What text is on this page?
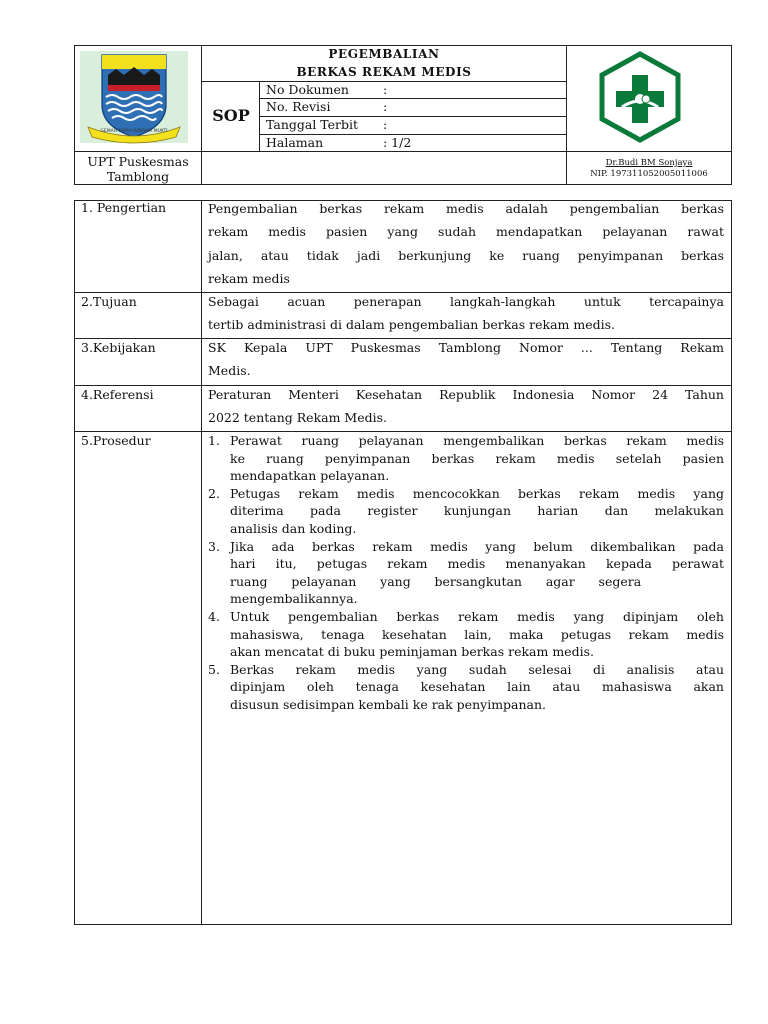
GEMAH RIPAH WIBAWA MUKTI
PEGEMBALIAN
BERKAS REKAM MEDIS
SOP
No Dokumen	:
No. Revisi	:
Tanggal Terbit :
Halaman	: 1/2
UPT Puskesmas
Tamblong
Dr.Budi BM Sonjaya
NIP. 197311052005011006
1. Pengertian	Pengembalian berkas rekam medis adalah pengembalian berkas
rekam medis pasien yang sudah mendapatkan pelayanan rawat
jalan, atau tidak jadi berkunjung ke ruang penyimpanan berkas
rekam medis
2.Tujuan	Sebagai acuan penerapan langkah-langkah untuk tercapainya
tertib administrasi di dalam pengembalian berkas rekam medis.
3.Kebijakan	SK Kepala UPT Puskesmas Tamblong Nomor ... Tentang Rekam
Medis.
4.Referensi	Peraturan Menteri Kesehatan Republik Indonesia Nomor 24 Tahun
2022 tentang Rekam Medis.
5.Prosedur	1. Perawat ruang pelayanan mengembalikan berkas rekam medis
ke ruang penyimpanan berkas rekam medis setelah pasien
mendapatkan pelayanan.
2. Petugas rekam medis mencocokkan berkas rekam medis yang
diterima pada register kunjungan harian dan melakukan
analisis dan koding.
3. Jika ada berkas rekam medis yang belum dikembalikan pada
hari itu, petugas rekam medis menanyakan kepada perawat
ruang      pelayanan      yang      bersangkutan      agar      segera
mengembalikannya.
4. Untuk pengembalian berkas rekam medis yang dipinjam oleh
mahasiswa, tenaga kesehatan lain, maka petugas rekam medis
akan mencatat di buku peminjaman berkas rekam medis.
5. Berkas rekam medis yang sudah selesai di analisis atau
dipinjam oleh tenaga kesehatan lain atau mahasiswa akan
disusun sedisimpan kembali ke rak penyimpanan.
